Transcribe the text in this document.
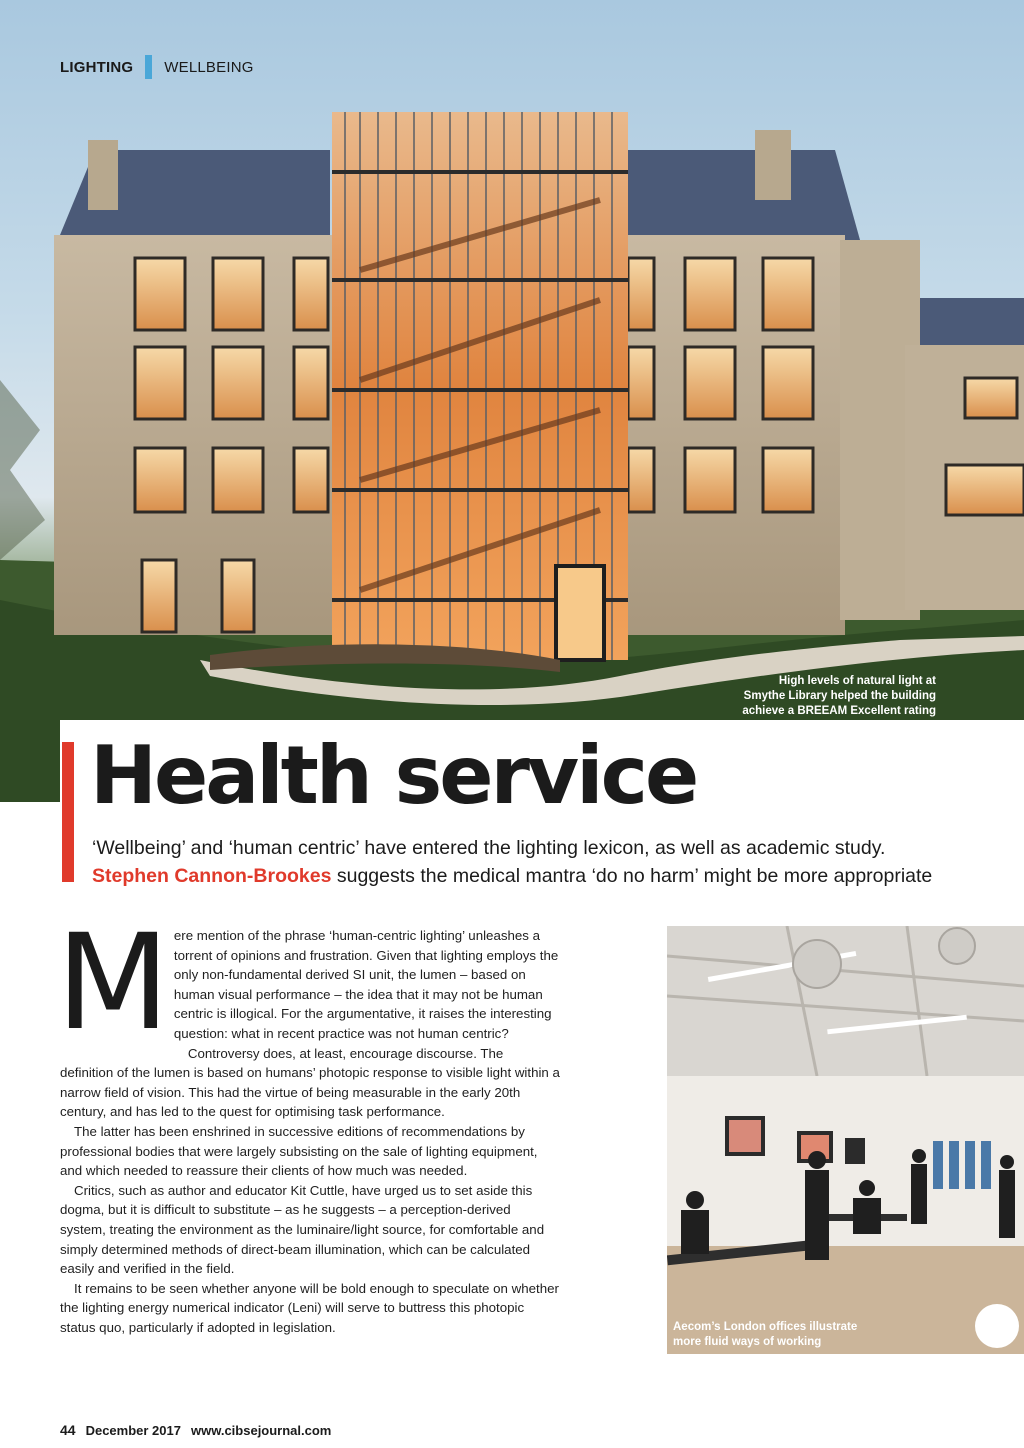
LIGHTING WELLBEING
High levels of natural light at Smythe Library helped the building achieve a BREEAM Excellent rating
Health service

‘Wellbeing’ and ‘human centric’ have entered the lighting lexicon, as well as academic study.
Stephen Cannon-Brookes suggests the medical mantra ‘do no harm’ might be more appropriate

Mere mention of the phrase ‘human-centric lighting’ unleashes a torrent of opinions and frustration. Given that lighting employs the only non-fundamental derived SI unit, the lumen – based on human visual performance – the idea that it may not be human centric is illogical. For the argumentative, it raises the interesting question: what in recent practice was not human centric?

Controversy does, at least, encourage discourse. The definition of the lumen is based on humans’ photopic response to visible light within a narrow field of vision. This had the virtue of being measurable in the early 20th century, and has led to the quest for optimising task performance.

The latter has been enshrined in successive editions of recommendations by professional bodies that were largely subsisting on the sale of lighting equipment, and which needed to reassure their clients of how much was needed.

Critics, such as author and educator Kit Cuttle, have urged us to set aside this dogma, but it is difficult to substitute – as he suggests – a perception-derived system, treating the environment as the luminaire/light source, for comfortable and simply determined methods of direct-beam illumination, which can be calculated easily and verified in the field.

It remains to be seen whether anyone will be bold enough to speculate on whether the lighting energy numerical indicator (Leni) will serve to buttress this photopic status quo, particularly if adopted in legislation.	Aecom’s London offices illustrate more fluid ways of working
44 December 2017 www.cibsejournal.com
